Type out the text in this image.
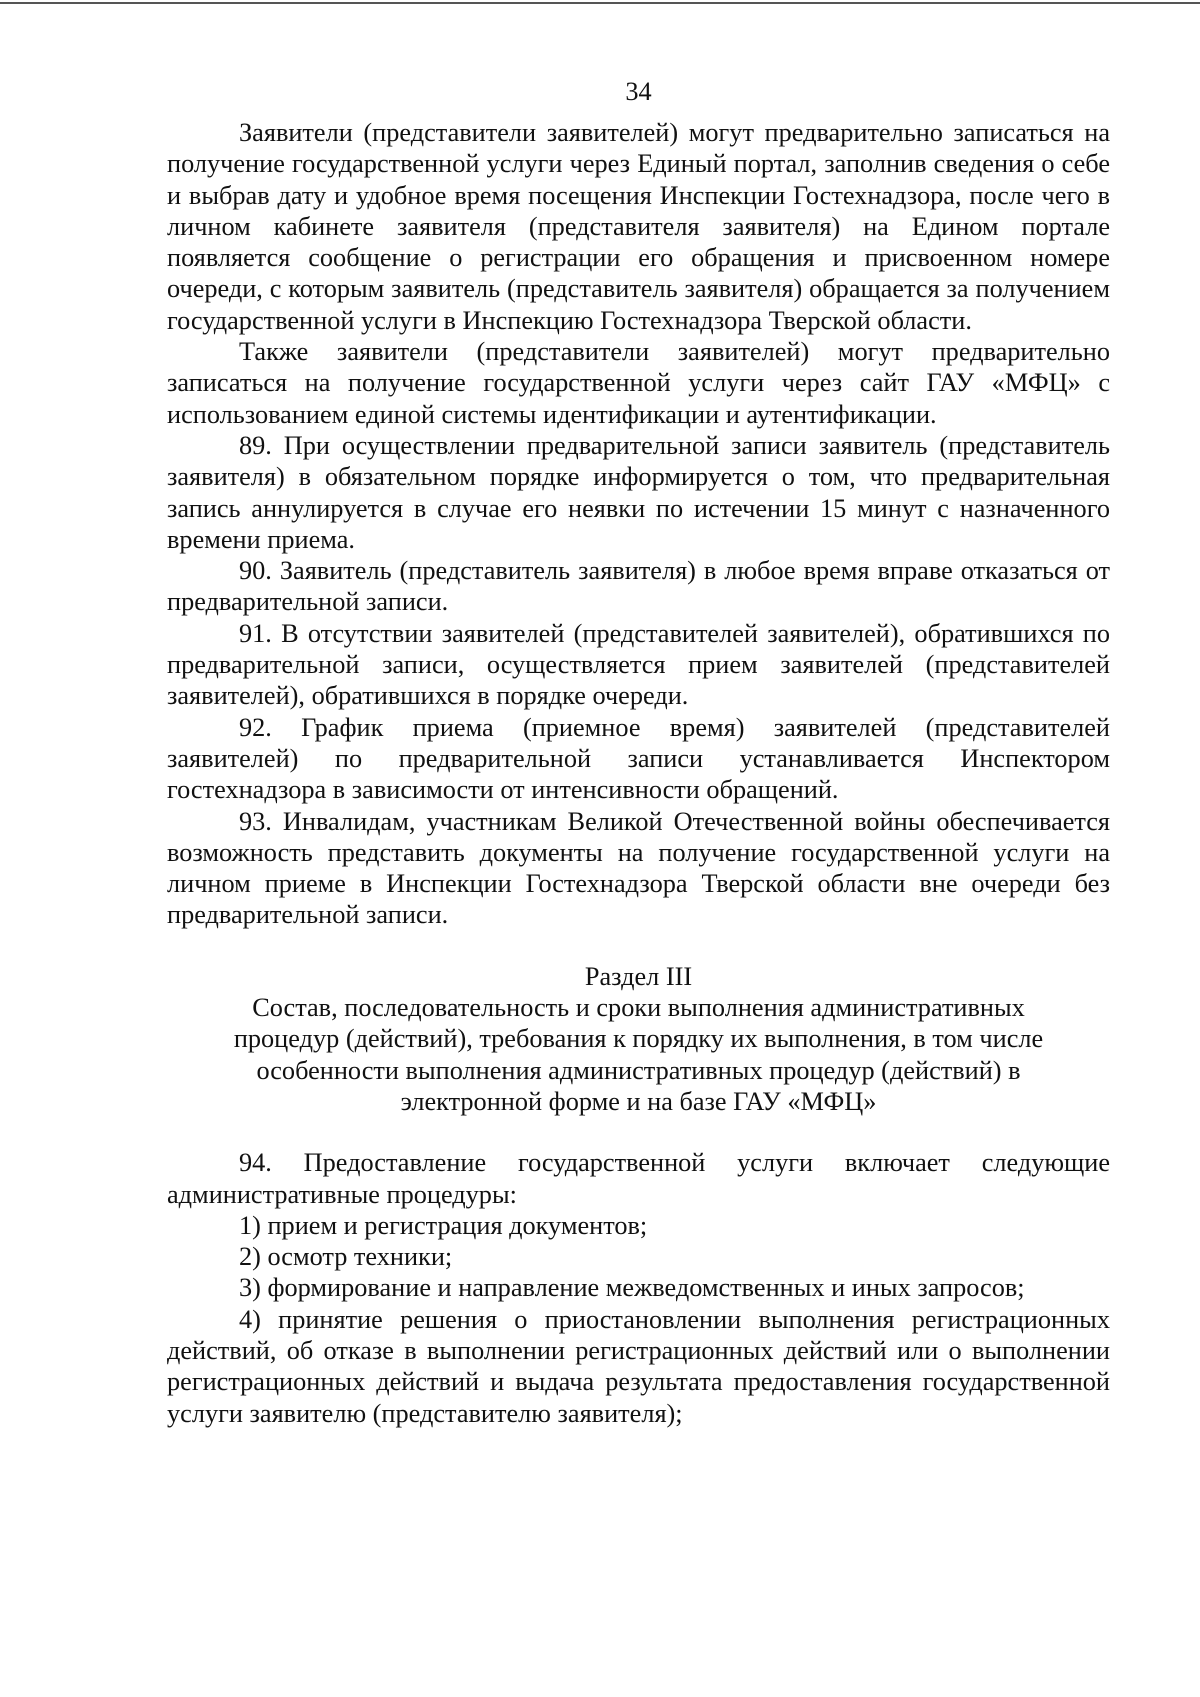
34

Заявители (представители заявителей) могут предварительно записаться на получение государственной услуги через Единый портал, заполнив сведения о себе и выбрав дату и удобное время посещения Инспекции Гостехнадзора, после чего в личном кабинете заявителя (представителя заявителя) на Едином портале появляется сообщение о регистрации его обращения и присвоенном номере очереди, с которым заявитель (представитель заявителя) обращается за получением государственной услуги в Инспекцию Гостехнадзора Тверской области.

Также заявители (представители заявителей) могут предварительно записаться на получение государственной услуги через сайт ГАУ «МФЦ» с использованием единой системы идентификации и аутентификации.

89. При осуществлении предварительной записи заявитель (представитель заявителя) в обязательном порядке информируется о том, что предварительная запись аннулируется в случае его неявки по истечении 15 минут с назначенного времени приема.

90. Заявитель (представитель заявителя) в любое время вправе отказаться от предварительной записи.

91. В отсутствии заявителей (представителей заявителей), обратившихся по предварительной записи, осуществляется прием заявителей (представителей заявителей), обратившихся в порядке очереди.

92. График приема (приемное время) заявителей (представителей заявителей) по предварительной записи устанавливается Инспектором гостехнадзора в зависимости от интенсивности обращений.

93. Инвалидам, участникам Великой Отечественной войны обеспечивается возможность представить документы на получение государственной услуги на личном приеме в Инспекции Гостехнадзора Тверской области вне очереди без предварительной записи.

Раздел III

Состав, последовательность и сроки выполнения административных процедур (действий), требования к порядку их выполнения, в том числе особенности выполнения административных процедур (действий) в электронной форме и на базе ГАУ «МФЦ»

94. Предоставление государственной услуги включает следующие административные процедуры:

1) прием и регистрация документов;

2) осмотр техники;

3) формирование и направление межведомственных и иных запросов;

4) принятие решения о приостановлении выполнения регистрационных действий, об отказе в выполнении регистрационных действий или о выполнении регистрационных действий и выдача результата предоставления государственной услуги заявителю (представителю заявителя);
